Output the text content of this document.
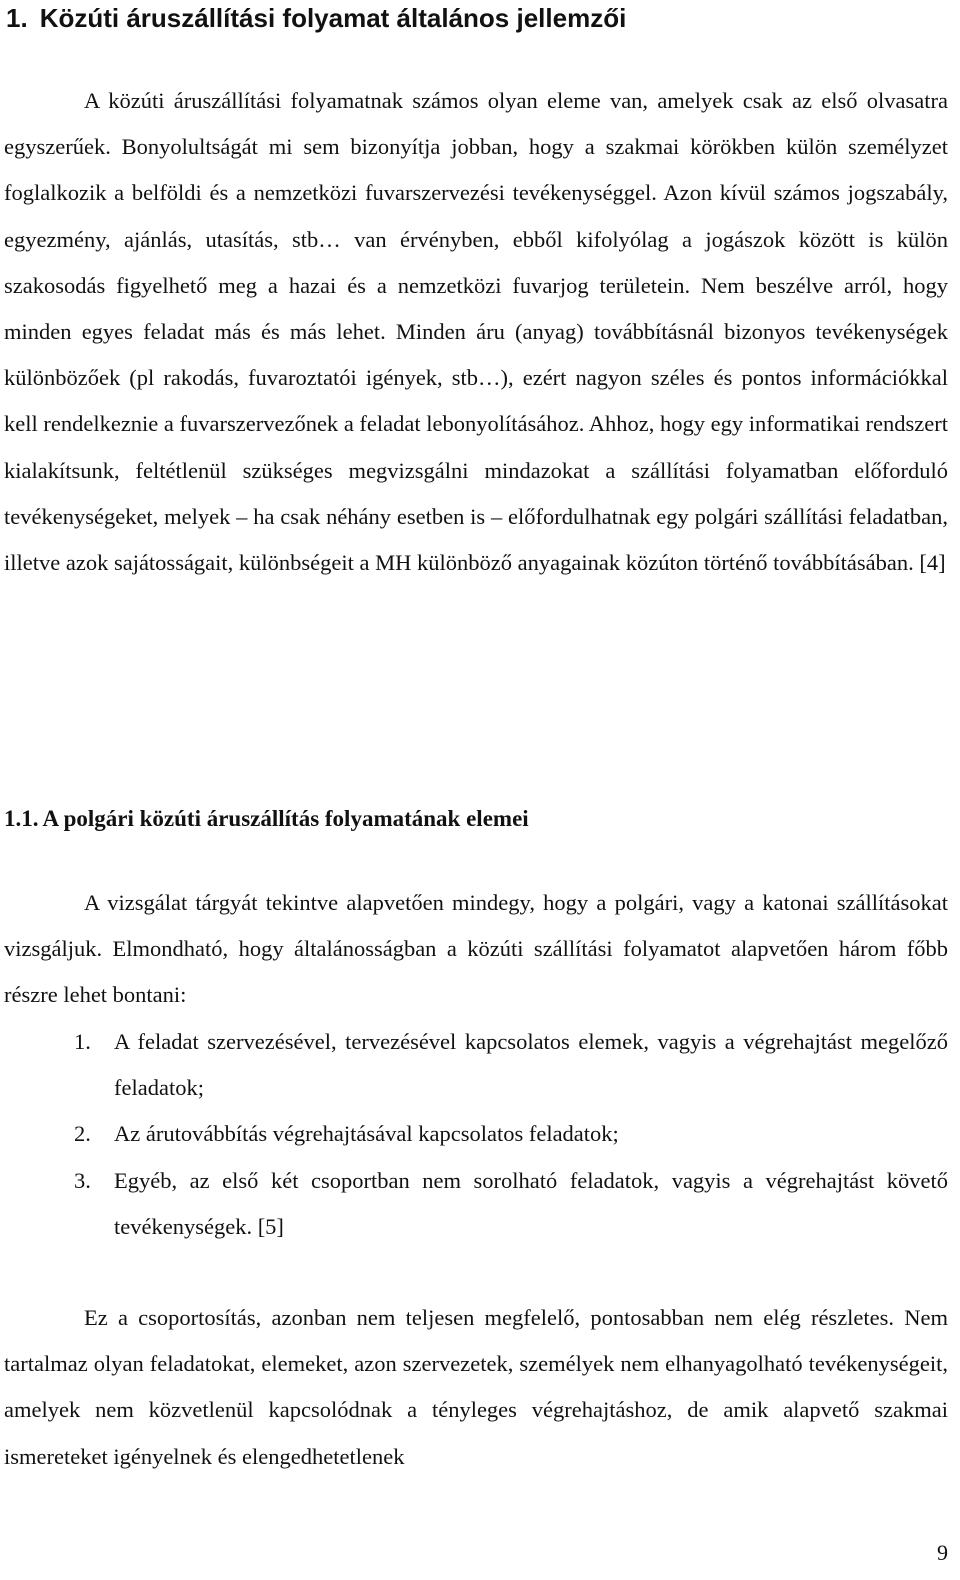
1. Közúti áruszállítási folyamat általános jellemzői

A közúti áruszállítási folyamatnak számos olyan eleme van, amelyek csak az első olvasatra egyszerűek. Bonyolultságát mi sem bizonyítja jobban, hogy a szakmai körökben külön személyzet foglalkozik a belföldi és a nemzetközi fuvarszervezési tevékenységgel. Azon kívül számos jogszabály, egyezmény, ajánlás, utasítás, stb… van érvényben, ebből kifolyólag a jogászok között is külön szakosodás figyelhető meg a hazai és a nemzetközi fuvarjog területein. Nem beszélve arról, hogy minden egyes feladat más és más lehet. Minden áru (anyag) továbbításnál bizonyos tevékenységek különbözőek (pl rakodás, fuvaroztatói igények, stb…), ezért nagyon széles és pontos információkkal kell rendelkeznie a fuvarszervezőnek a feladat lebonyolításához. Ahhoz, hogy egy informatikai rendszert kialakítsunk, feltétlenül szükséges megvizsgálni mindazokat a szállítási folyamatban előforduló tevékenységeket, melyek – ha csak néhány esetben is – előfordulhatnak egy polgári szállítási feladatban, illetve azok sajátosságait, különbségeit a MH különböző anyagainak közúton történő továbbításában. [4]

1.1. A polgári közúti áruszállítás folyamatának elemei

A vizsgálat tárgyát tekintve alapvetően mindegy, hogy a polgári, vagy a katonai szállításokat vizsgáljuk. Elmondható, hogy általánosságban a közúti szállítási folyamatot alapvetően három főbb részre lehet bontani:

1. A feladat szervezésével, tervezésével kapcsolatos elemek, vagyis a végrehajtást megelőző feladatok;
2. Az árutovábbítás végrehajtásával kapcsolatos feladatok;
3. Egyéb, az első két csoportban nem sorolható feladatok, vagyis a végrehajtást követő tevékenységek. [5]

Ez a csoportosítás, azonban nem teljesen megfelelő, pontosabban nem elég részletes. Nem tartalmaz olyan feladatokat, elemeket, azon szervezetek, személyek nem elhanyagolható tevékenységeit, amelyek nem közvetlenül kapcsolódnak a tényleges végrehajtáshoz, de amik alapvető szakmai ismereteket igényelnek és elengedhetetlenek

9
